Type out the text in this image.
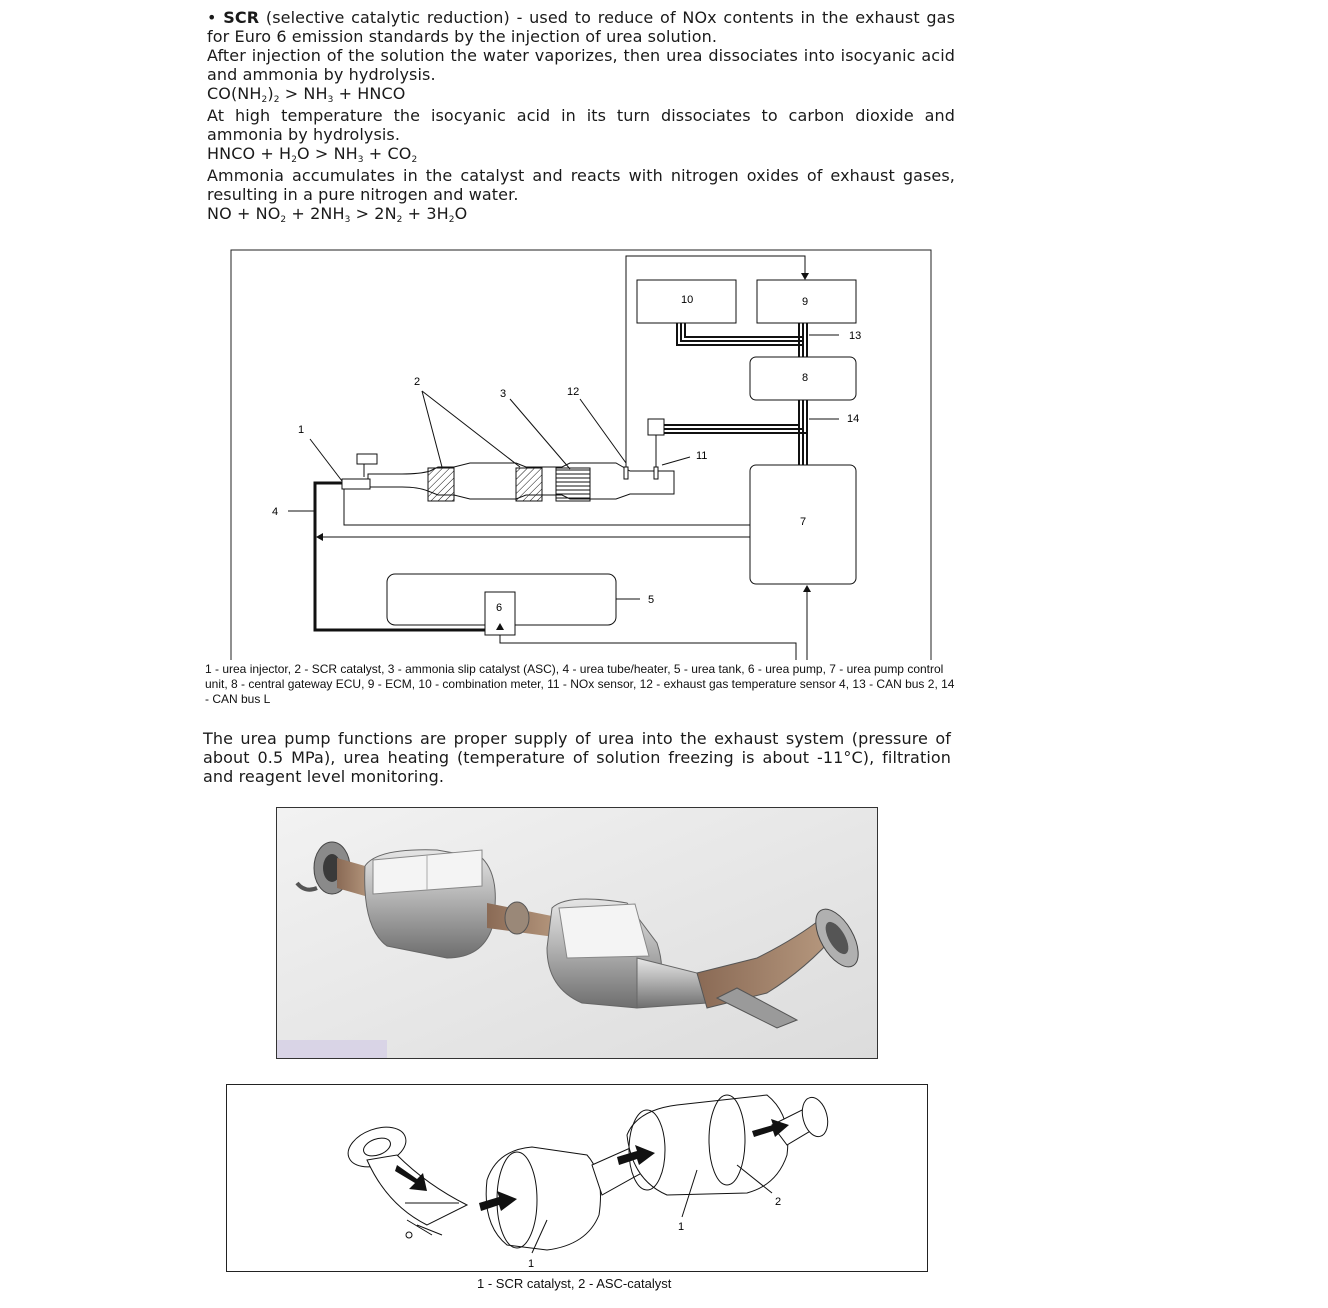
• SCR (selective catalytic reduction) - used to reduce of NOx contents in the exhaust gas for Euro 6 emission standards by the injection of urea solution.

After injection of the solution the water vaporizes, then urea dissociates into isocyanic acid and ammonia by hydrolysis.

$CO(NH_2)_2 > NH_3$ + HNCO

At high temperature the isocyanic acid in its turn dissociates to carbon dioxide and ammonia by hydrolysis.

HNCO + $H_2O > NH_3 + CO_2$

Ammonia accumulates in the catalyst and reacts with nitrogen oxides of exhaust gases, resulting in a pure nitrogen and water.

NO + $NO_2 + 2NH_3 > 2N_2 + 3H_2O$

1
2
3
4
5
6
7
8
9
10
11
12
13
14
1 - urea injector, 2 - SCR catalyst, 3 - ammonia slip catalyst (ASC), 4 - urea tube/heater, 5 - urea tank, 6 - urea pump, 7 - urea pump control unit, 8 - central gateway ECU, 9 - ECM, 10 - combination meter, 11 - NOx sensor, 12 - exhaust gas temperature sensor 4, 13 - CAN bus 2, 14 - CAN bus L
The urea pump functions are proper supply of urea into the exhaust system (pressure of about 0.5 MPa), urea heating (temperature of solution freezing is about -11°C), filtration and reagent level monitoring.
1
1
2
1 - SCR catalyst, 2 - ASC-catalyst
